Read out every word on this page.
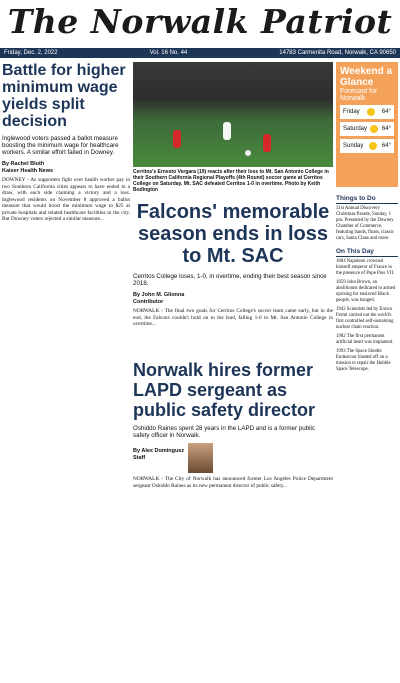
The Norwalk Patriot
Friday, Dec. 2, 2022	Vol. 16 No. 44	14783 Carmenita Road, Norwalk, CA 90650
Battle for higher minimum wage yields split decision
Inglewood voters passed a ballot measure boosting the minimum wage for healthcare workers. A similar effort failed in Downey.
By Rachel Bluth
Kaiser Health News
DOWNEY - As supporters fight over health worker pay in two Southern California cities appears to have ended in a draw, with each side claiming a victory and a loss. Inglewood residents on November 8 approved a ballot measure that would boost the minimum wage to $25 at private hospitals and related healthcare facilities in the city. But Downey voters rejected a similar measure...
Cerritos's Ernesto Vergara (19) reacts after their loss to Mt. San Antonio College in their Southern California Regional Playoffs (4th Round) soccer game at Cerritos College on Saturday. Mt. SAC defeated Cerritos 1-0 in overtime. Photo by Keith Bodington
Falcons' memorable season ends in loss to Mt. SAC
Cerritos College loses, 1-0, in overtime, ending their best season since 2018.
By John M. Glionna
Contributor
NORWALK - The final two goals for Cerritos College's soccer team came early, but in the end, the Falcons couldn't hold on to the lead, falling 1-0 to Mt. San Antonio College in overtime...
Weekend a Glance
Forecast for Norwalk
Friday	64°
Saturday 64°
Sunday	64°
Things to Do
31st Annual Discovery Christmas Parade, Sunday, 1 pm. Presented by the Downey Chamber of Commerce, featuring bands, floats, classic cars, Santa Claus and more.
On This Day

1804 Napoleon crowned himself emperor of France in the presence of Pope Pius VII.

1859 John Brown, an abolitionist dedicated to armed uprising for enslaved Black people, was hanged.

1942 Scientists led by Enrico Fermi carried out the world's first controlled self-sustaining nuclear chain reaction.

1982 The first permanent artificial heart was implanted.

1993 The Space Shuttle Endeavour blasted off on a mission to repair the Hubble Space Telescope.

Norwalk hires former LAPD sergeant as public safety director
Oshiddo Raines spent 28 years in the LAPD and is a former public safety officer in Norwalk.
By Alex Dominguez
Staff
NORWALK - The City of Norwalk has announced former Los Angeles Police Department sergeant Oshiddo Raines as its new permanent director of public safety...
